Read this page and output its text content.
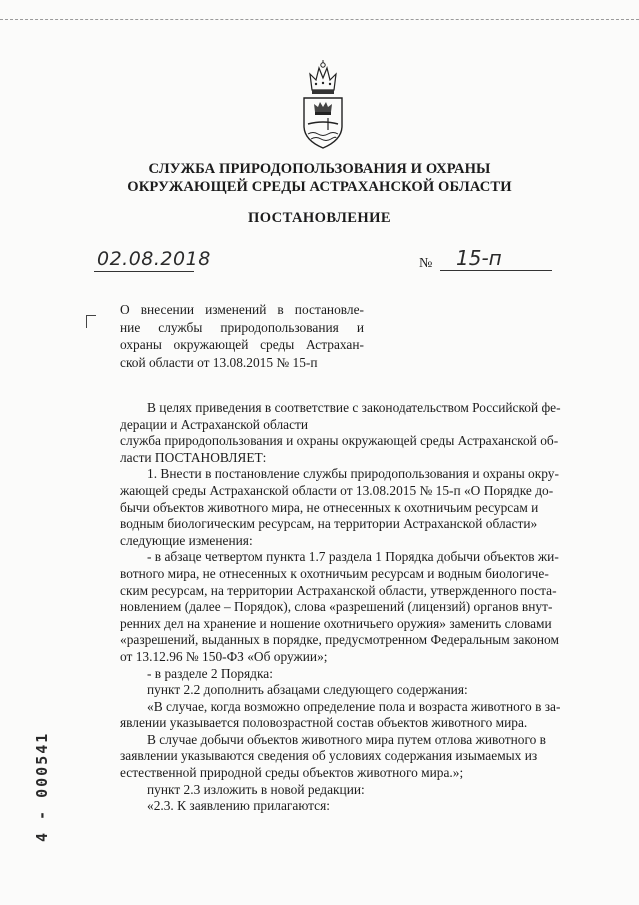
СЛУЖБА ПРИРОДОПОЛЬЗОВАНИЯ И ОХРАНЫ
ОКРУЖАЮЩЕЙ СРЕДЫ АСТРАХАНСКОЙ ОБЛАСТИ
ПОСТАНОВЛЕНИЕ
02.08.2018	№ 15-п
О внесении изменений в постановле-
ние службы природопользования и
охраны окружающей среды Астрахан-
ской области от 13.08.2015 № 15-п
В целях приведения в соответствие с законодательством Российской фе-
дерации и Астраханской области
служба природопользования и охраны окружающей среды Астраханской об-
ласти ПОСТАНОВЛЯЕТ:
1. Внести в постановление службы природопользования и охраны окру-
жающей среды Астраханской области от 13.08.2015 № 15-п «О Порядке до-
бычи объектов животного мира, не отнесенных к охотничьим ресурсам и
водным биологическим ресурсам, на территории Астраханской области»
следующие изменения:
- в абзаце четвертом пункта 1.7 раздела 1 Порядка добычи объектов жи-
вотного мира, не отнесенных к охотничьим ресурсам и водным биологиче-
ским ресурсам, на территории Астраханской области, утвержденного поста-
новлением (далее – Порядок), слова «разрешений (лицензий) органов внут-
ренних дел на хранение и ношение охотничьего оружия» заменить словами
«разрешений, выданных в порядке, предусмотренном Федеральным законом
от 13.12.96 № 150-ФЗ «Об оружии»;
- в разделе 2 Порядка:
пункт 2.2 дополнить абзацами следующего содержания:
«В случае, когда возможно определение пола и возраста животного в за-
явлении указывается половозрастной состав объектов животного мира.
В случае добычи объектов животного мира путем отлова животного в
заявлении указываются сведения об условиях содержания изымаемых из
естественной природной среды объектов животного мира.»;
пункт 2.3 изложить в новой редакции:
«2.3. К заявлению прилагаются:
4 - 000541
